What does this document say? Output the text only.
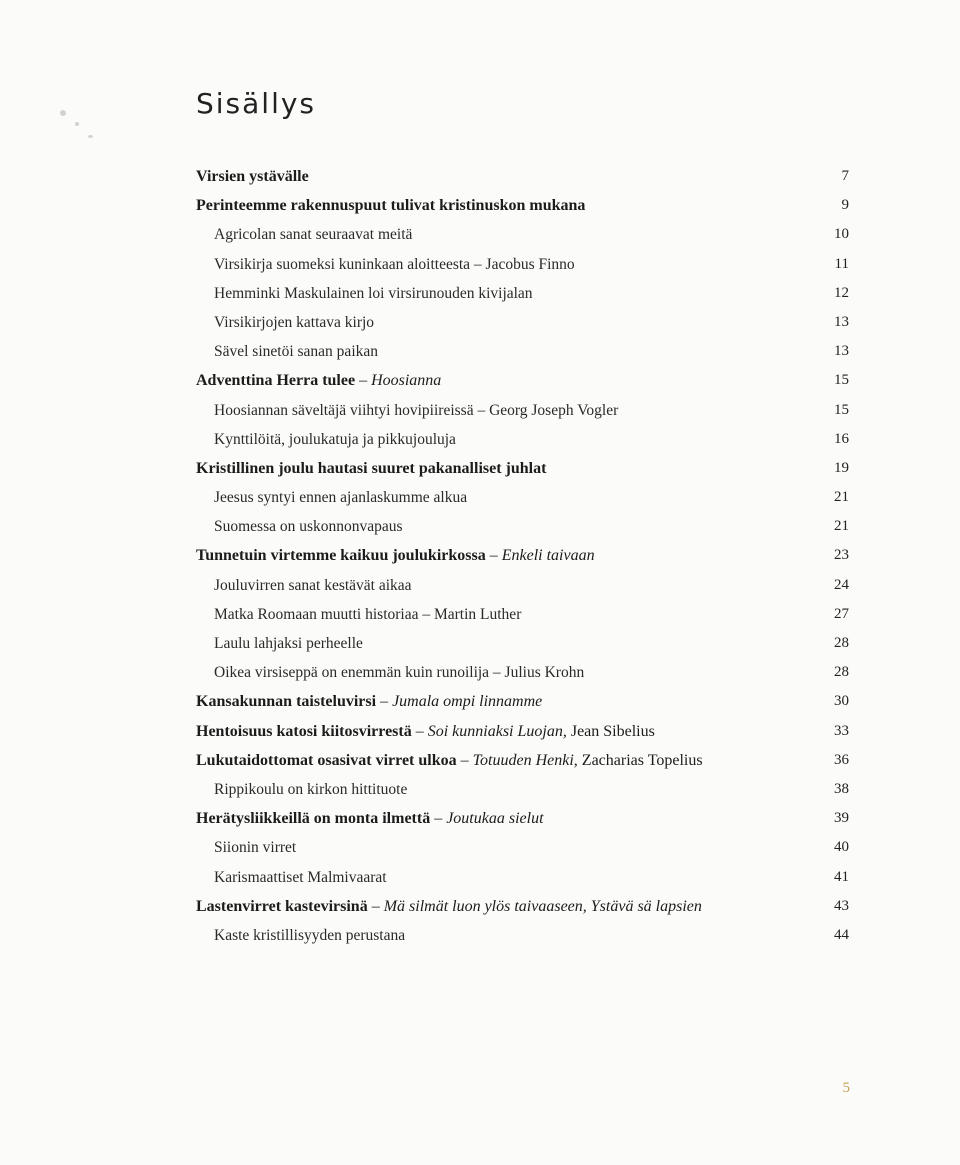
Sisällys
Virsien ystävälle	7
Perinteemme rakennuspuut tulivat kristinuskon mukana	9
Agricolan sanat seuraavat meitä	10
Virsikirja suomeksi kuninkaan aloitteesta – Jacobus Finno	11
Hemminki Maskulainen loi virsirunouden kivijalan	12
Virsikirjojen kattava kirjo	13
Sävel sinetöi sanan paikan	13
Adventtina Herra tulee – Hoosianna	15
Hoosiannan säveltäjä viihtyi hovipiireissä – Georg Joseph Vogler	15
Kynttilöitä, joulukatuja ja pikkujouluja	16
Kristillinen joulu hautasi suuret pakanalliset juhlat	19
Jeesus syntyi ennen ajanlaskumme alkua	21
Suomessa on uskonnonvapaus	21
Tunnetuin virtemme kaikuu joulukirkossa – Enkeli taivaan	23
Jouluvirren sanat kestävät aikaa	24
Matka Roomaan muutti historiaa – Martin Luther	27
Laulu lahjaksi perheelle	28
Oikea virsiseppä on enemmän kuin runoilija – Julius Krohn	28
Kansakunnan taisteluvirsi – Jumala ompi linnamme	30
Hentoisuus katosi kiitosvirrestä – Soi kunniaksi Luojan, Jean Sibelius	33
Lukutaidottomat osasivat virret ulkoa – Totuuden Henki, Zacharias Topelius	36
Rippikoulu on kirkon hittituote	38
Herätysliikkeillä on monta ilmettä – Joutukaa sielut	39
Siionin virret	40
Karismaattiset Malmivaarat	41
Lastenvirret kastevirsinä – Mä silmät luon ylös taivaaseen, Ystävä sä lapsien	43
Kaste kristillisyyden perustana	44
5
